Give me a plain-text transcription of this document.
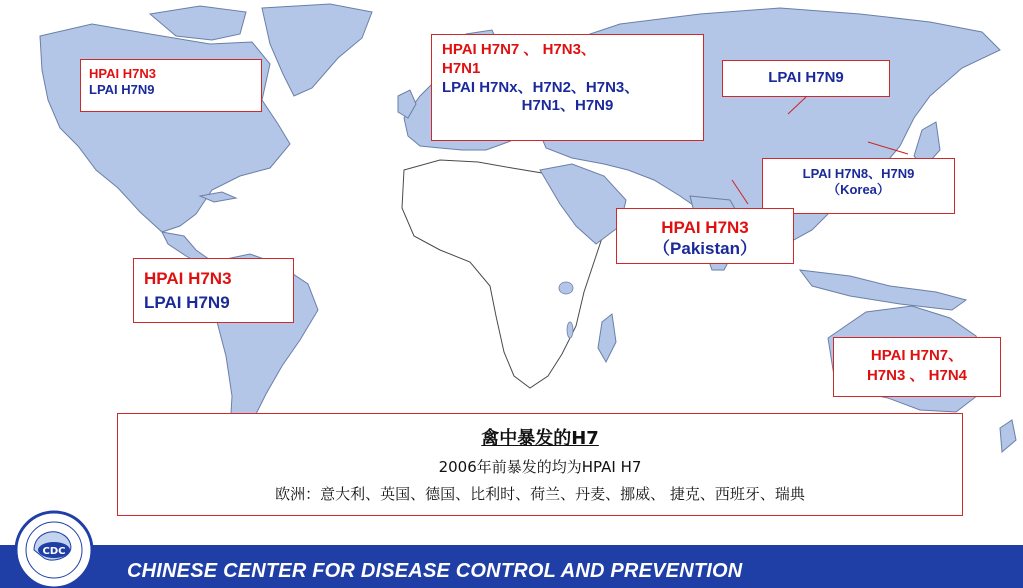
HPAI H7N3
LPAI H7N9
HPAI H7N7 、 H7N3、
H7N1
LPAI H7Nx、H7N2、H7N3、
H7N1、H7N9
LPAI H7N9
LPAI H7N8、H7N9
（Korea）
HPAI H7N3
（Pakistan）
HPAI H7N3
LPAI H7N9
HPAI H7N7、
H7N3 、 H7N4
禽中暴发的H7
2006年前暴发的均为HPAI H7
欧洲：意大利、英国、德国、比利时、荷兰、丹麦、挪威、 捷克、西班牙、瑞典
CHINESE CENTER FOR DISEASE CONTROL AND PREVENTION
CDC
